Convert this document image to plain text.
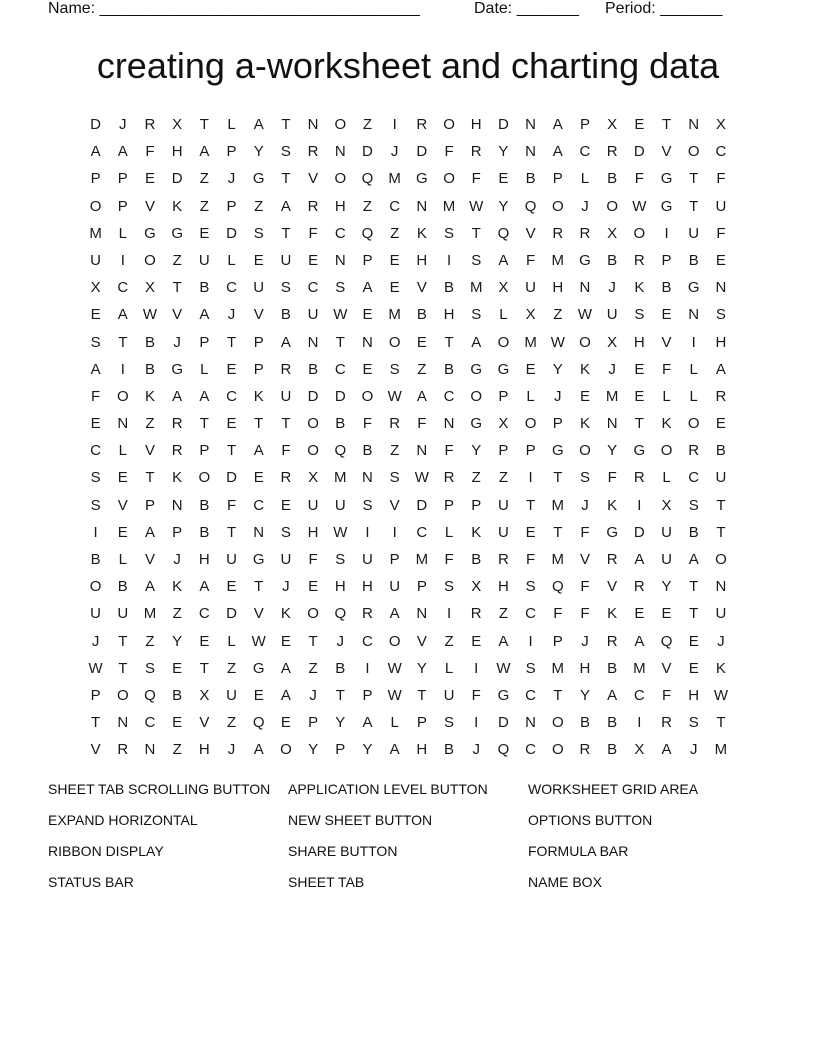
Name: ____________________________________	Date: _______ Period: _______
creating a-worksheet and charting data
D	J	R	X	T	L	A	T	N	O	Z	I	R	O	H	D	N	A	P	X	E	T	N	X
A	A	F	H	A	P	Y	S	R	N	D	J	D	F	R	Y	N	A	C	R	D	V	O	C
P	P	E	D	Z	J	G	T	V	O	Q	M	G	O	F	E	B	P	L	B	F	G	T	F
O	P	V	K	Z	P	Z	A	R	H	Z	C	N	M W	Y	Q	O	J	O W G	T	U
M	L	G	G	E	D	S	T	F	C	Q	Z	K	S	T	Q	V	R	R	X	O	I	U	F
U	I	O	Z	U	L	E	U	E	N	P	E	H	I	S	A	F	M	G	B	R	P	B	E
X	C	X	T	B	C	U	S	C	S	A	E	V	B	M	X	U	H	N	J	K	B	G	N
E	A	W	V	A	J	V	B	U W	E	M	B	H	S	L	X	Z	W U	S	E	N	S
S	T	B	J	P	T	P	A	N	T	N	O	E	T	A	O	M W O	X	H	V	I	H
A	I	B	G	L	E	P	R	B	C	E	S	Z	B	G	G	E	Y	K	J	E	F	L	A
F	O	K	A	A	C	K	U	D	D	O W	A	C	O	P	L	J	E	M	E	L	L	R
E	N	Z	R	T	E	T	T	O	B	F	R	F	N	G	X	O	P	K	N	T	K	O	E
C	L	V	R	P	T	A	F	O	Q	B	Z	N	F	Y	P	P	G	O	Y	G	O	R	B
S	E	T	K	O	D	E	R	X	M	N	S	W R	Z	Z	I	T	S	F	R	L	C	U
S	V	P	N	B	F	C	E	U	U	S	V	D	P	P	U	T	M	J	K	I	X	S	T
I	E	A	P	B	T	N	S	H W	I	I	C	L	K	U	E	T	F	G	D	U	B	T
B	L	V	J	H	U	G	U	F	S	U	P	M	F	B	R	F	M	V	R	A	U	A	O
O	B	A	K	A	E	T	J	E	H	H	U	P	S	X	H	S	Q	F	V	R	Y	T	N
U	U	M	Z	C	D	V	K	O	Q	R	A	N	I	R	Z	C	F	F	K	E	E	T	U
J	T	Z	Y	E	L	W	E	T	J	C	O	V	Z	E	A	I	P	J	R	A	Q	E	J
W	T	S	E	T	Z	G	A	Z	B	I	W	Y	L	I	W	S	M	H	B	M	V	E	K
P	O	Q	B	X	U	E	A	J	T	P	W	T	U	F	G	C	T	Y	A	C	F	H W
T	N	C	E	V	Z	Q	E	P	Y	A	L	P	S	I	D	N	O	B	B	I	R	S	T
V	R	N	Z	H	J	A	O	Y	P	Y	A	H	B	J	Q	C	O	R	B	X	A	J	M
SHEET TAB SCROLLING BUTTON	APPLICATION LEVEL BUTTON	WORKSHEET GRID AREA
EXPAND HORIZONTAL	NEW SHEET BUTTON	OPTIONS BUTTON
RIBBON DISPLAY	SHARE BUTTON	FORMULA BAR
STATUS BAR	SHEET TAB	NAME BOX
